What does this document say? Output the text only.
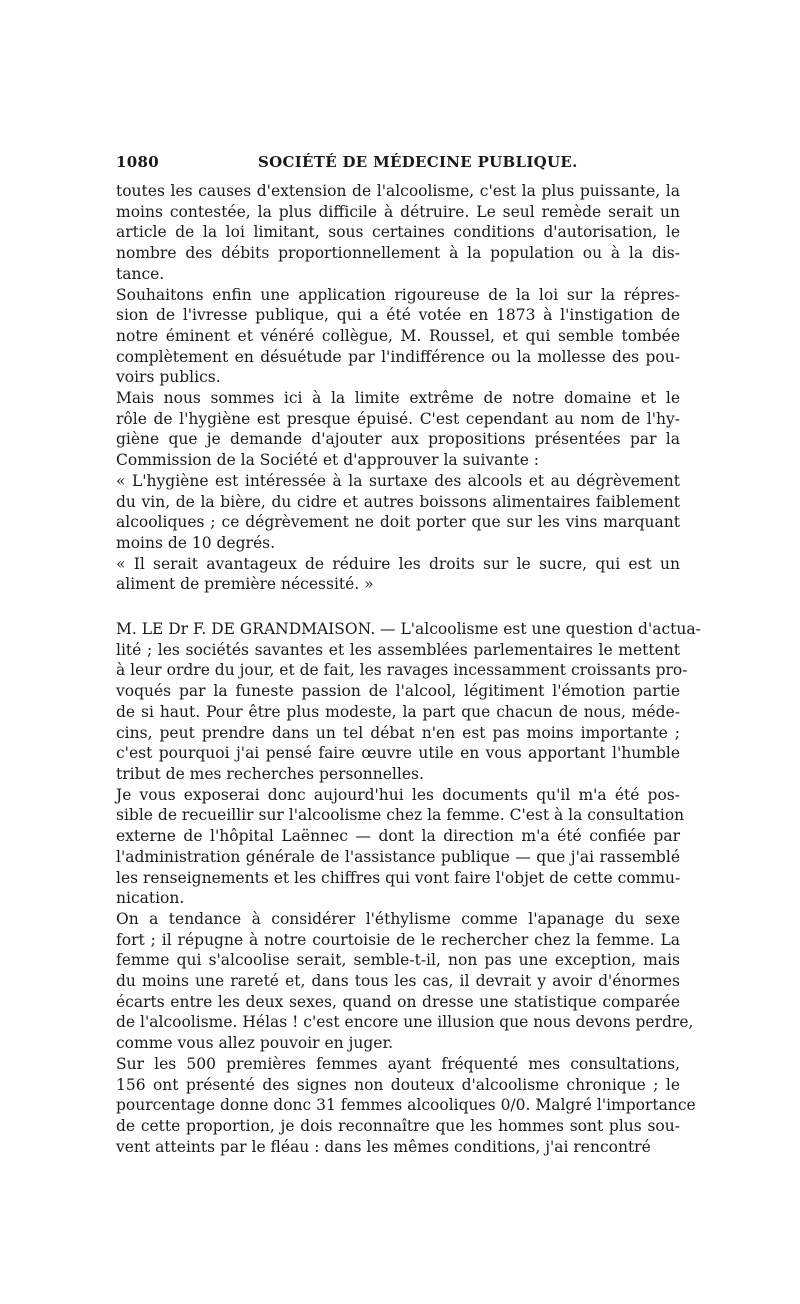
1080	SOCIÉTÉ DE MÉDECINE PUBLIQUE.
toutes les causes d'extension de l'alcoolisme, c'est la plus puissante, la
moins contestée, la plus difficile à détruire. Le seul remède serait un
article de la loi limitant, sous certaines conditions d'autorisation, le
nombre des débits proportionnellement à la population ou à la dis-
tance.
Souhaitons enfin une application rigoureuse de la loi sur la répres-
sion de l'ivresse publique, qui a été votée en 1873 à l'instigation de
notre éminent et vénéré collègue, M. Roussel, et qui semble tombée
complètement en désuétude par l'indifférence ou la mollesse des pou-
voirs publics.
Mais nous sommes ici à la limite extrême de notre domaine et le
rôle de l'hygiène est presque épuisé. C'est cependant au nom de l'hy-
giène que je demande d'ajouter aux propositions présentées par la
Commission de la Société et d'approuver la suivante :
« L'hygiène est intéressée à la surtaxe des alcools et au dégrèvement
du vin, de la bière, du cidre et autres boissons alimentaires faiblement
alcooliques ; ce dégrèvement ne doit porter que sur les vins marquant
moins de 10 degrés.
« Il serait avantageux de réduire les droits sur le sucre, qui est un
aliment de première nécessité. »
M. LE Dr F. DE GRANDMAISON. — L'alcoolisme est une question d'actua-
lité ; les sociétés savantes et les assemblées parlementaires le mettent
à leur ordre du jour, et de fait, les ravages incessamment croissants pro-
voqués par la funeste passion de l'alcool, légitiment l'émotion partie
de si haut. Pour être plus modeste, la part que chacun de nous, méde-
cins, peut prendre dans un tel débat n'en est pas moins importante ;
c'est pourquoi j'ai pensé faire œuvre utile en vous apportant l'humble
tribut de mes recherches personnelles.
Je vous exposerai donc aujourd'hui les documents qu'il m'a été pos-
sible de recueillir sur l'alcoolisme chez la femme. C'est à la consultation
externe de l'hôpital Laënnec — dont la direction m'a été confiée par
l'administration générale de l'assistance publique — que j'ai rassemblé
les renseignements et les chiffres qui vont faire l'objet de cette commu-
nication.
On a tendance à considérer l'éthylisme comme l'apanage du sexe
fort ; il répugne à notre courtoisie de le rechercher chez la femme. La
femme qui s'alcoolise serait, semble-t-il, non pas une exception, mais
du moins une rareté et, dans tous les cas, il devrait y avoir d'énormes
écarts entre les deux sexes, quand on dresse une statistique comparée
de l'alcoolisme. Hélas ! c'est encore une illusion que nous devons perdre,
comme vous allez pouvoir en juger.
Sur les 500 premières femmes ayant fréquenté mes consultations,
156 ont présenté des signes non douteux d'alcoolisme chronique ; le
pourcentage donne donc 31 femmes alcooliques 0/0. Malgré l'importance
de cette proportion, je dois reconnaître que les hommes sont plus sou-
vent atteints par le fléau : dans les mêmes conditions, j'ai rencontré
